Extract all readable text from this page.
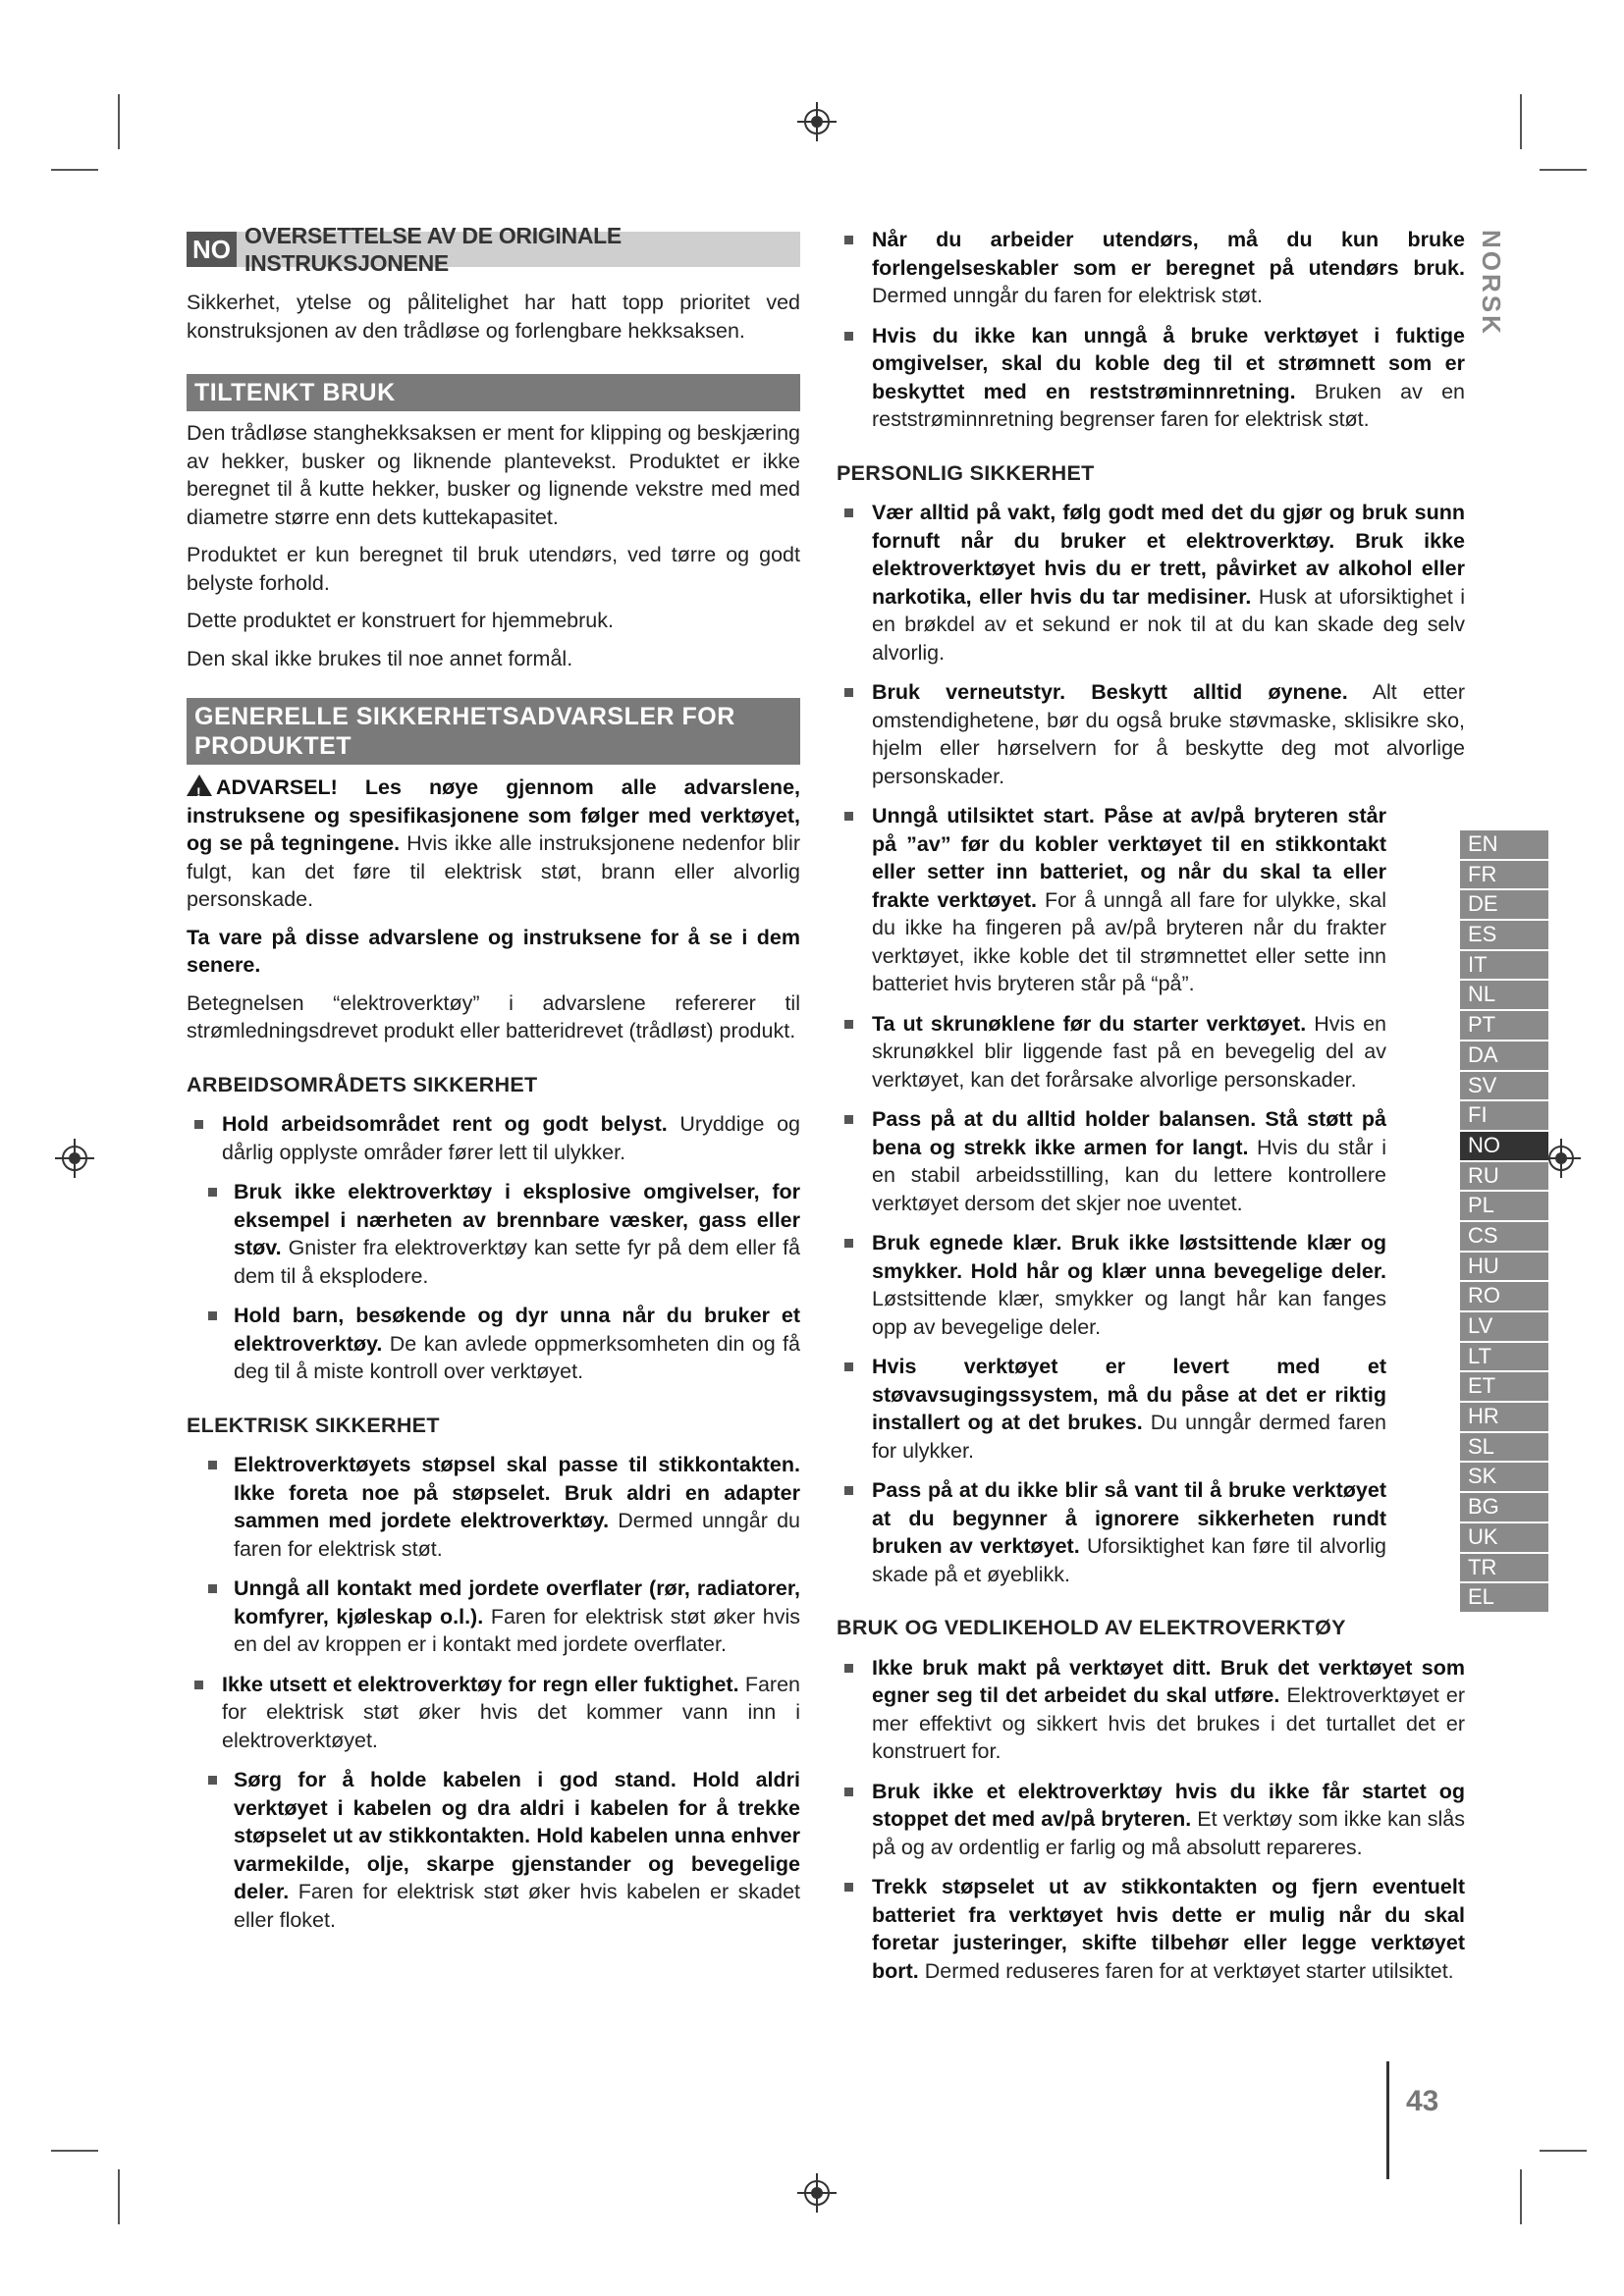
NORSK
NO OVERSETTELSE AV DE ORIGINALE INSTRUKSJONENE

Sikkerhet, ytelse og pålitelighet har hatt topp prioritet ved konstruksjonen av den trådløse og forlengbare hekksaksen.

TILTENKT BRUK

Den trådløse stanghekksaksen er ment for klipping og beskjæring av hekker, busker og liknende plantevekst. Produktet er ikke beregnet til å kutte hekker, busker og lignende vekstre med med diametre større enn dets kuttekapasitet.

Produktet er kun beregnet til bruk utendørs, ved tørre og godt belyste forhold.

Dette produktet er konstruert for hjemmebruk.

Den skal ikke brukes til noe annet formål.

GENERELLE SIKKERHETSADVARSLER FOR PRODUKTET

!ADVARSEL! Les nøye gjennom alle advarslene, instruksene og spesifikasjonene som følger med verktøyet, og se på tegningene. Hvis ikke alle instruksjonene nedenfor blir fulgt, kan det føre til elektrisk støt, brann eller alvorlig personskade.

Ta vare på disse advarslene og instruksene for å se i dem senere.

Betegnelsen “elektroverktøy” i advarslene refererer til strømledningsdrevet produkt eller batteridrevet (trådløst) produkt.

ARBEIDSOMRÅDETS SIKKERHET
Hold arbeidsområdet rent og godt belyst. Uryddige og dårlig opplyste områder fører lett til ulykker.
Bruk ikke elektroverktøy i eksplosive omgivelser, for eksempel i nærheten av brennbare væsker, gass eller støv. Gnister fra elektroverktøy kan sette fyr på dem eller få dem til å eksplodere.
Hold barn, besøkende og dyr unna når du bruker et elektroverktøy. De kan avlede oppmerksomheten din og få deg til å miste kontroll over verktøyet.
ELEKTRISK SIKKERHET
Elektroverktøyets støpsel skal passe til stikkontakten. Ikke foreta noe på støpselet. Bruk aldri en adapter sammen med jordete elektroverktøy. Dermed unngår du faren for elektrisk støt.
Unngå all kontakt med jordete overflater (rør, radiatorer, komfyrer, kjøleskap o.l.). Faren for elektrisk støt øker hvis en del av kroppen er i kontakt med jordete overflater.
Ikke utsett et elektroverktøy for regn eller fuktighet. Faren for elektrisk støt øker hvis det kommer vann inn i elektroverktøyet.
Sørg for å holde kabelen i god stand. Hold aldri verktøyet i kabelen og dra aldri i kabelen for å trekke støpselet ut av stikkontakten. Hold kabelen unna enhver varmekilde, olje, skarpe gjenstander og bevegelige deler. Faren for elektrisk støt øker hvis kabelen er skadet eller floket.
Når du arbeider utendørs, må du kun bruke forlengelseskabler som er beregnet på utendørs bruk. Dermed unngår du faren for elektrisk støt.
Hvis du ikke kan unngå å bruke verktøyet i fuktige omgivelser, skal du koble deg til et strømnett som er beskyttet med en reststrøminnretning. Bruken av en reststrøminnretning begrenser faren for elektrisk støt.
PERSONLIG SIKKERHET
Vær alltid på vakt, følg godt med det du gjør og bruk sunn fornuft når du bruker et elektroverktøy. Bruk ikke elektroverktøyet hvis du er trett, påvirket av alkohol eller narkotika, eller hvis du tar medisiner. Husk at uforsiktighet i en brøkdel av et sekund er nok til at du kan skade deg selv alvorlig.
Bruk verneutstyr. Beskytt alltid øynene. Alt etter omstendighetene, bør du også bruke støvmaske, sklisikre sko, hjelm eller hørselvern for å beskytte deg mot alvorlige personskader.
Unngå utilsiktet start. Påse at av/på bryteren står på ”av” før du kobler verktøyet til en stikkontakt eller setter inn batteriet, og når du skal ta eller frakte verktøyet. For å unngå all fare for ulykke, skal du ikke ha fingeren på av/på bryteren når du frakter verktøyet, ikke koble det til strømnettet eller sette inn batteriet hvis bryteren står på “på”.
Ta ut skrunøklene før du starter verktøyet. Hvis en skrunøkkel blir liggende fast på en bevegelig del av verktøyet, kan det forårsake alvorlige personskader.
Pass på at du alltid holder balansen. Stå støtt på bena og strekk ikke armen for langt. Hvis du står i en stabil arbeidsstilling, kan du lettere kontrollere verktøyet dersom det skjer noe uventet.
Bruk egnede klær. Bruk ikke løstsittende klær og smykker. Hold hår og klær unna bevegelige deler. Løstsittende klær, smykker og langt hår kan fanges opp av bevegelige deler.
Hvis verktøyet er levert med et støvavsugingssystem, må du påse at det er riktig installert og at det brukes. Du unngår dermed faren for ulykker.
Pass på at du ikke blir så vant til å bruke verktøyet at du begynner å ignorere sikkerheten rundt bruken av verktøyet. Uforsiktighet kan føre til alvorlig skade på et øyeblikk.
BRUK OG VEDLIKEHOLD AV ELEKTROVERKTØY
Ikke bruk makt på verktøyet ditt. Bruk det verktøyet som egner seg til det arbeidet du skal utføre. Elektroverktøyet er mer effektivt og sikkert hvis det brukes i det turtallet det er konstruert for.
Bruk ikke et elektroverktøy hvis du ikke får startet og stoppet det med av/på bryteren. Et verktøy som ikke kan slås på og av ordentlig er farlig og må absolutt repareres.
Trekk støpselet ut av stikkontakten og fjern eventuelt batteriet fra verktøyet hvis dette er mulig når du skal foretar justeringer, skifte tilbehør eller legge verktøyet bort. Dermed reduseres faren for at verktøyet starter utilsiktet.
EN
FR
DE
ES
IT
NL
PT
DA
SV
FI
NO
RU
PL
CS
HU
RO
LV
LT
ET
HR
SL
SK
BG
UK
TR
EL
43
